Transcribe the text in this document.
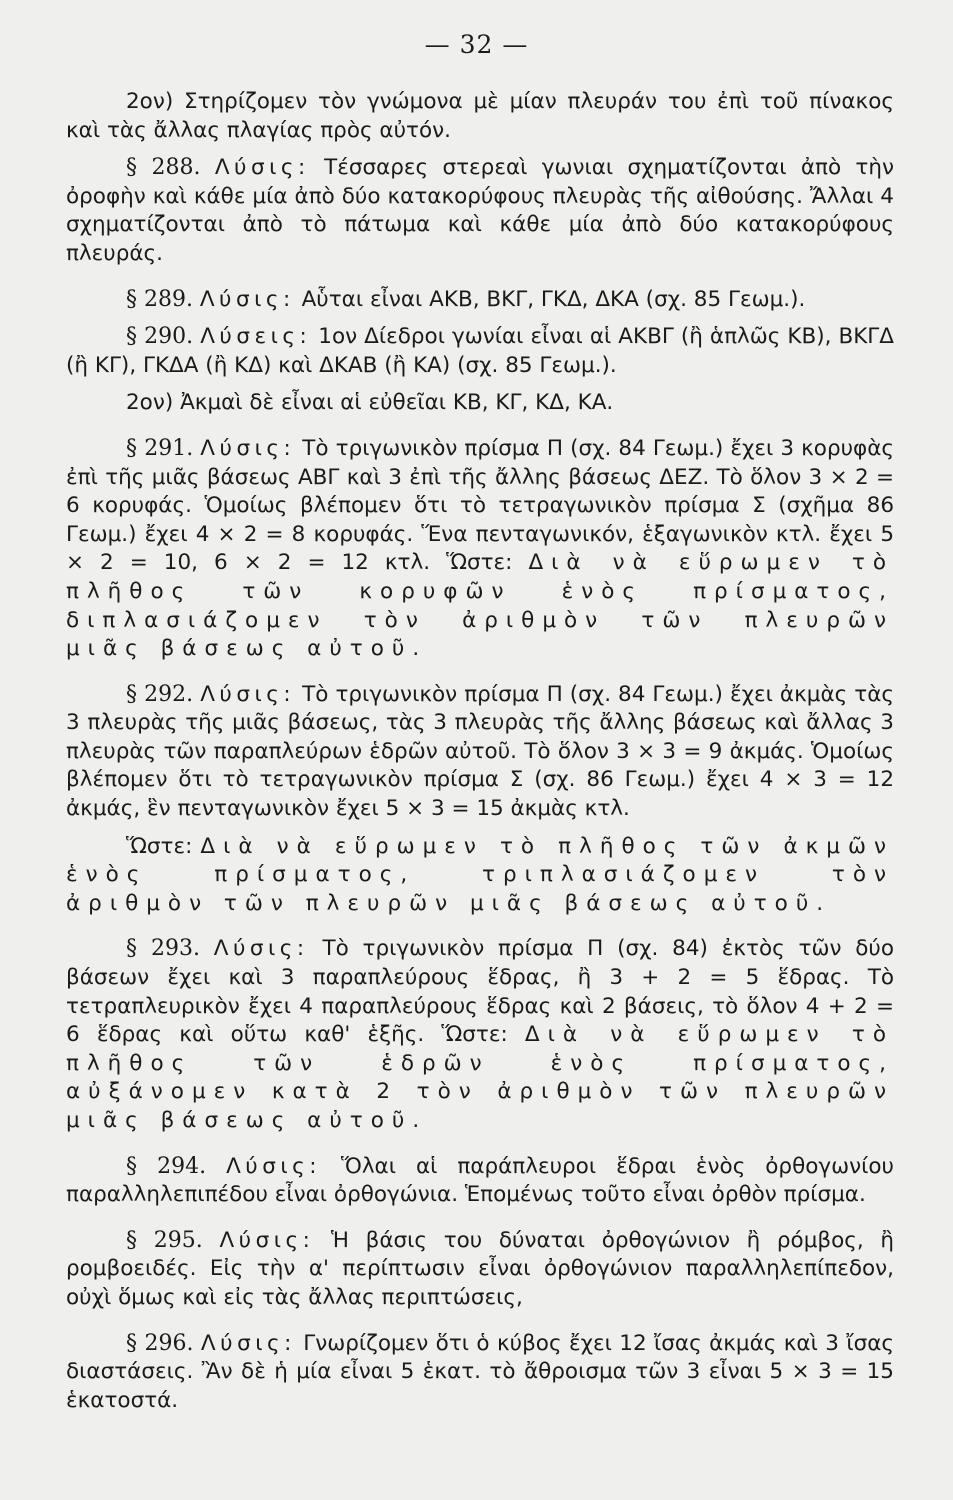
— 32 —

2ον) Στηρίζομεν τὸν γνώμονα μὲ μίαν πλευράν του ἐπὶ τοῦ πίνακος καὶ τὰς ἄλλας πλαγίας πρὸς αὐτόν.

§ 288. Λύσις: Τέσσαρες στερεαὶ γωνιαι σχηματίζονται ἀπὸ τὴν ὀροφὴν καὶ κάθε μία ἀπὸ δύο κατακορύφους πλευρὰς τῆς αἰθούσης. Ἄλλαι 4 σχηματίζονται ἀπὸ τὸ πάτωμα καὶ κάθε μία ἀπὸ δύο κατακορύφους πλευράς.

§ 289. Λύσις: Αὗται εἶναι ΑΚΒ, ΒΚΓ, ΓΚΔ, ΔΚΑ (σχ. 85 Γεωμ.).

§ 290. Λύσεις: 1ον Δίεδροι γωνίαι εἶναι αἱ ΑΚΒΓ (ἢ ἁπλῶς ΚΒ), ΒΚΓΔ (ἢ ΚΓ), ΓΚΔΑ (ἢ ΚΔ) καὶ ΔΚΑΒ (ἢ ΚΑ) (σχ. 85 Γεωμ.).

2ον) Ἀκμαὶ δὲ εἶναι αἱ εὐθεῖαι ΚΒ, ΚΓ, ΚΔ, ΚΑ.

§ 291. Λύσις: Τὸ τριγωνικὸν πρίσμα Π (σχ. 84 Γεωμ.) ἔχει 3 κορυφὰς ἐπὶ τῆς μιᾶς βάσεως ΑΒΓ καὶ 3 ἐπὶ τῆς ἄλλης βάσεως ΔΕΖ. Τὸ ὅλον 3 × 2 = 6 κορυφάς. Ὁμοίως βλέπομεν ὅτι τὸ τετραγωνικὸν πρίσμα Σ (σχῆμα 86 Γεωμ.) ἔχει 4 × 2 = 8 κορυφάς. Ἕνα πενταγωνικόν, ἑξαγωνικὸν κτλ. ἔχει 5 × 2 = 10, 6 × 2 = 12 κτλ. Ὥστε: Διὰ νὰ εὕρωμεν τὸ πλῆθος τῶν κορυφῶν ἑνὸς πρίσματος, διπλασιάζομεν τὸν ἀριθμὸν τῶν πλευρῶν μιᾶς βάσεως αὐτοῦ.

§ 292. Λύσις: Τὸ τριγωνικὸν πρίσμα Π (σχ. 84 Γεωμ.) ἔχει ἀκμὰς τὰς 3 πλευρὰς τῆς μιᾶς βάσεως, τὰς 3 πλευρὰς τῆς ἄλλης βάσεως καὶ ἄλλας 3 πλευρὰς τῶν παραπλεύρων ἑδρῶν αὐτοῦ. Τὸ ὅλον 3 × 3 = 9 ἀκμάς. Ὁμοίως βλέπομεν ὅτι τὸ τετραγωνικὸν πρίσμα Σ (σχ. 86 Γεωμ.) ἔχει 4 × 3 = 12 ἀκμάς, ἓν πενταγωνικὸν ἔχει 5 × 3 = 15 ἀκμὰς κτλ.

Ὥστε: Διὰ νὰ εὕρωμεν τὸ πλῆθος τῶν ἀκμῶν ἑνὸς πρίσματος, τριπλασιάζομεν τὸν ἀριθμὸν τῶν πλευρῶν μιᾶς βάσεως αὐτοῦ.

§ 293. Λύσις: Τὸ τριγωνικὸν πρίσμα Π (σχ. 84) ἐκτὸς τῶν δύο βάσεων ἔχει καὶ 3 παραπλεύρους ἕδρας, ἢ 3 + 2 = 5 ἕδρας. Τὸ τετραπλευρικὸν ἔχει 4 παραπλεύρους ἕδρας καὶ 2 βάσεις, τὸ ὅλον 4 + 2 = 6 ἕδρας καὶ οὕτω καθ' ἑξῆς. Ὥστε: Διὰ νὰ εὕρωμεν τὸ πλῆθος τῶν ἑδρῶν ἑνὸς πρίσματος, αὐξάνομεν κατὰ 2 τὸν ἀριθμὸν τῶν πλευρῶν μιᾶς βάσεως αὐτοῦ.

§ 294. Λύσις: Ὅλαι αἱ παράπλευροι ἕδραι ἑνὸς ὀρθογωνίου παραλληλεπιπέδου εἶναι ὀρθογώνια. Ἑπομένως τοῦτο εἶναι ὀρθὸν πρίσμα.

§ 295. Λύσις: Ἡ βάσις του δύναται ὀρθογώνιον ἢ ρόμβος, ἢ ρομβοειδές. Εἰς τὴν α' περίπτωσιν εἶναι ὀρθογώνιον παραλληλεπίπεδον, οὐχὶ ὅμως καὶ εἰς τὰς ἄλλας περιπτώσεις,

§ 296. Λύσις: Γνωρίζομεν ὅτι ὁ κύβος ἔχει 12 ἴσας ἀκμάς καὶ 3 ἴσας διαστάσεις. Ἂν δὲ ἡ μία εἶναι 5 ἑκατ. τὸ ἄθροισμα τῶν 3 εἶναι 5 × 3 = 15 ἑκατοστά.
